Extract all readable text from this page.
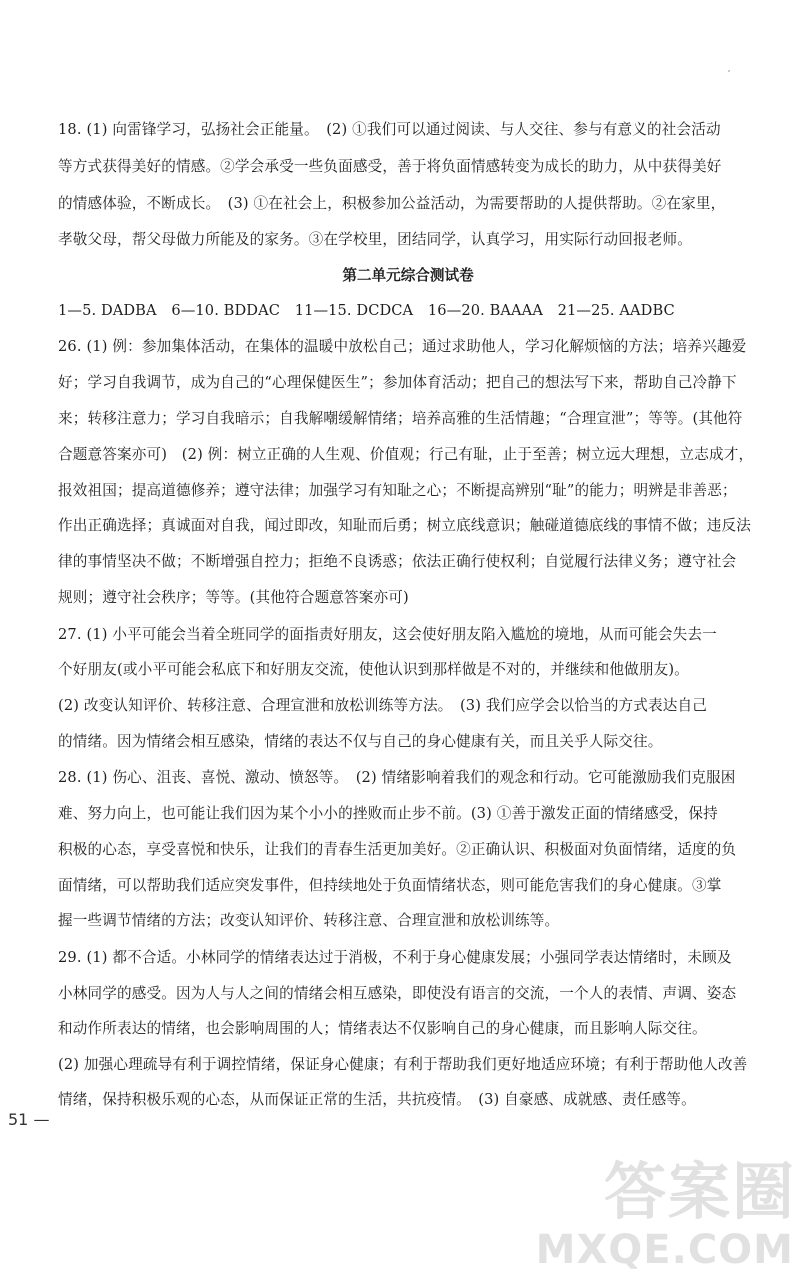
18. (1) 向雷锋学习，弘扬社会正能量。　(2) ①我们可以通过阅读、与人交往、参与有意义的社会活动
等方式获得美好的情感。②学会承受一些负面感受，善于将负面情感转变为成长的助力，从中获得美好
的情感体验，不断成长。　(3) ①在社会上，积极参加公益活动，为需要帮助的人提供帮助。②在家里，
孝敬父母，帮父母做力所能及的家务。③在学校里，团结同学，认真学习，用实际行动回报老师。
第二单元综合测试卷
1—5. DADBA　6—10. BDDAC　11—15. DCDCA　16—20. BAAAA　21—25. AADBC
26. (1) 例：参加集体活动，在集体的温暖中放松自己；通过求助他人，学习化解烦恼的方法；培养兴趣爱
好；学习自我调节，成为自己的“心理保健医生”；参加体育活动；把自己的想法写下来，帮助自己冷静下
来；转移注意力；学习自我暗示；自我解嘲缓解情绪；培养高雅的生活情趣；“合理宣泄”；等等。(其他符
合题意答案亦可)　(2) 例：树立正确的人生观、价值观；行己有耻，止于至善；树立远大理想，立志成才，
报效祖国；提高道德修养；遵守法律；加强学习有知耻之心；不断提高辨别“耻”的能力；明辨是非善恶；
作出正确选择；真诚面对自我，闻过即改，知耻而后勇；树立底线意识；触碰道德底线的事情不做；违反法
律的事情坚决不做；不断增强自控力；拒绝不良诱惑；依法正确行使权利；自觉履行法律义务；遵守社会
规则；遵守社会秩序；等等。(其他符合题意答案亦可)
27. (1) 小平可能会当着全班同学的面指责好朋友，这会使好朋友陷入尴尬的境地，从而可能会失去一
个好朋友(或小平可能会私底下和好朋友交流，使他认识到那样做是不对的，并继续和他做朋友)。
(2) 改变认知评价、转移注意、合理宣泄和放松训练等方法。　(3) 我们应学会以恰当的方式表达自己
的情绪。因为情绪会相互感染，情绪的表达不仅与自己的身心健康有关，而且关乎人际交往。
28. (1) 伤心、沮丧、喜悦、激动、愤怒等。　(2) 情绪影响着我们的观念和行动。它可能激励我们克服困
难、努力向上，也可能让我们因为某个小小的挫败而止步不前。(3) ①善于激发正面的情绪感受，保持
积极的心态，享受喜悦和快乐，让我们的青春生活更加美好。②正确认识、积极面对负面情绪，适度的负
面情绪，可以帮助我们适应突发事件，但持续地处于负面情绪状态，则可能危害我们的身心健康。③掌
握一些调节情绪的方法；改变认知评价、转移注意、合理宣泄和放松训练等。
29. (1) 都不合适。小林同学的情绪表达过于消极，不利于身心健康发展；小强同学表达情绪时，未顾及
小林同学的感受。因为人与人之间的情绪会相互感染，即使没有语言的交流，一个人的表情、声调、姿态
和动作所表达的情绪，也会影响周围的人；情绪表达不仅影响自己的身心健康，而且影响人际交往。
(2) 加强心理疏导有利于调控情绪，保证身心健康；有利于帮助我们更好地适应环境；有利于帮助他人改善
情绪，保持积极乐观的心态，从而保证正常的生活，共抗疫情。　(3) 自豪感、成就感、责任感等。
51 —
答案圈
MXQE.COM
